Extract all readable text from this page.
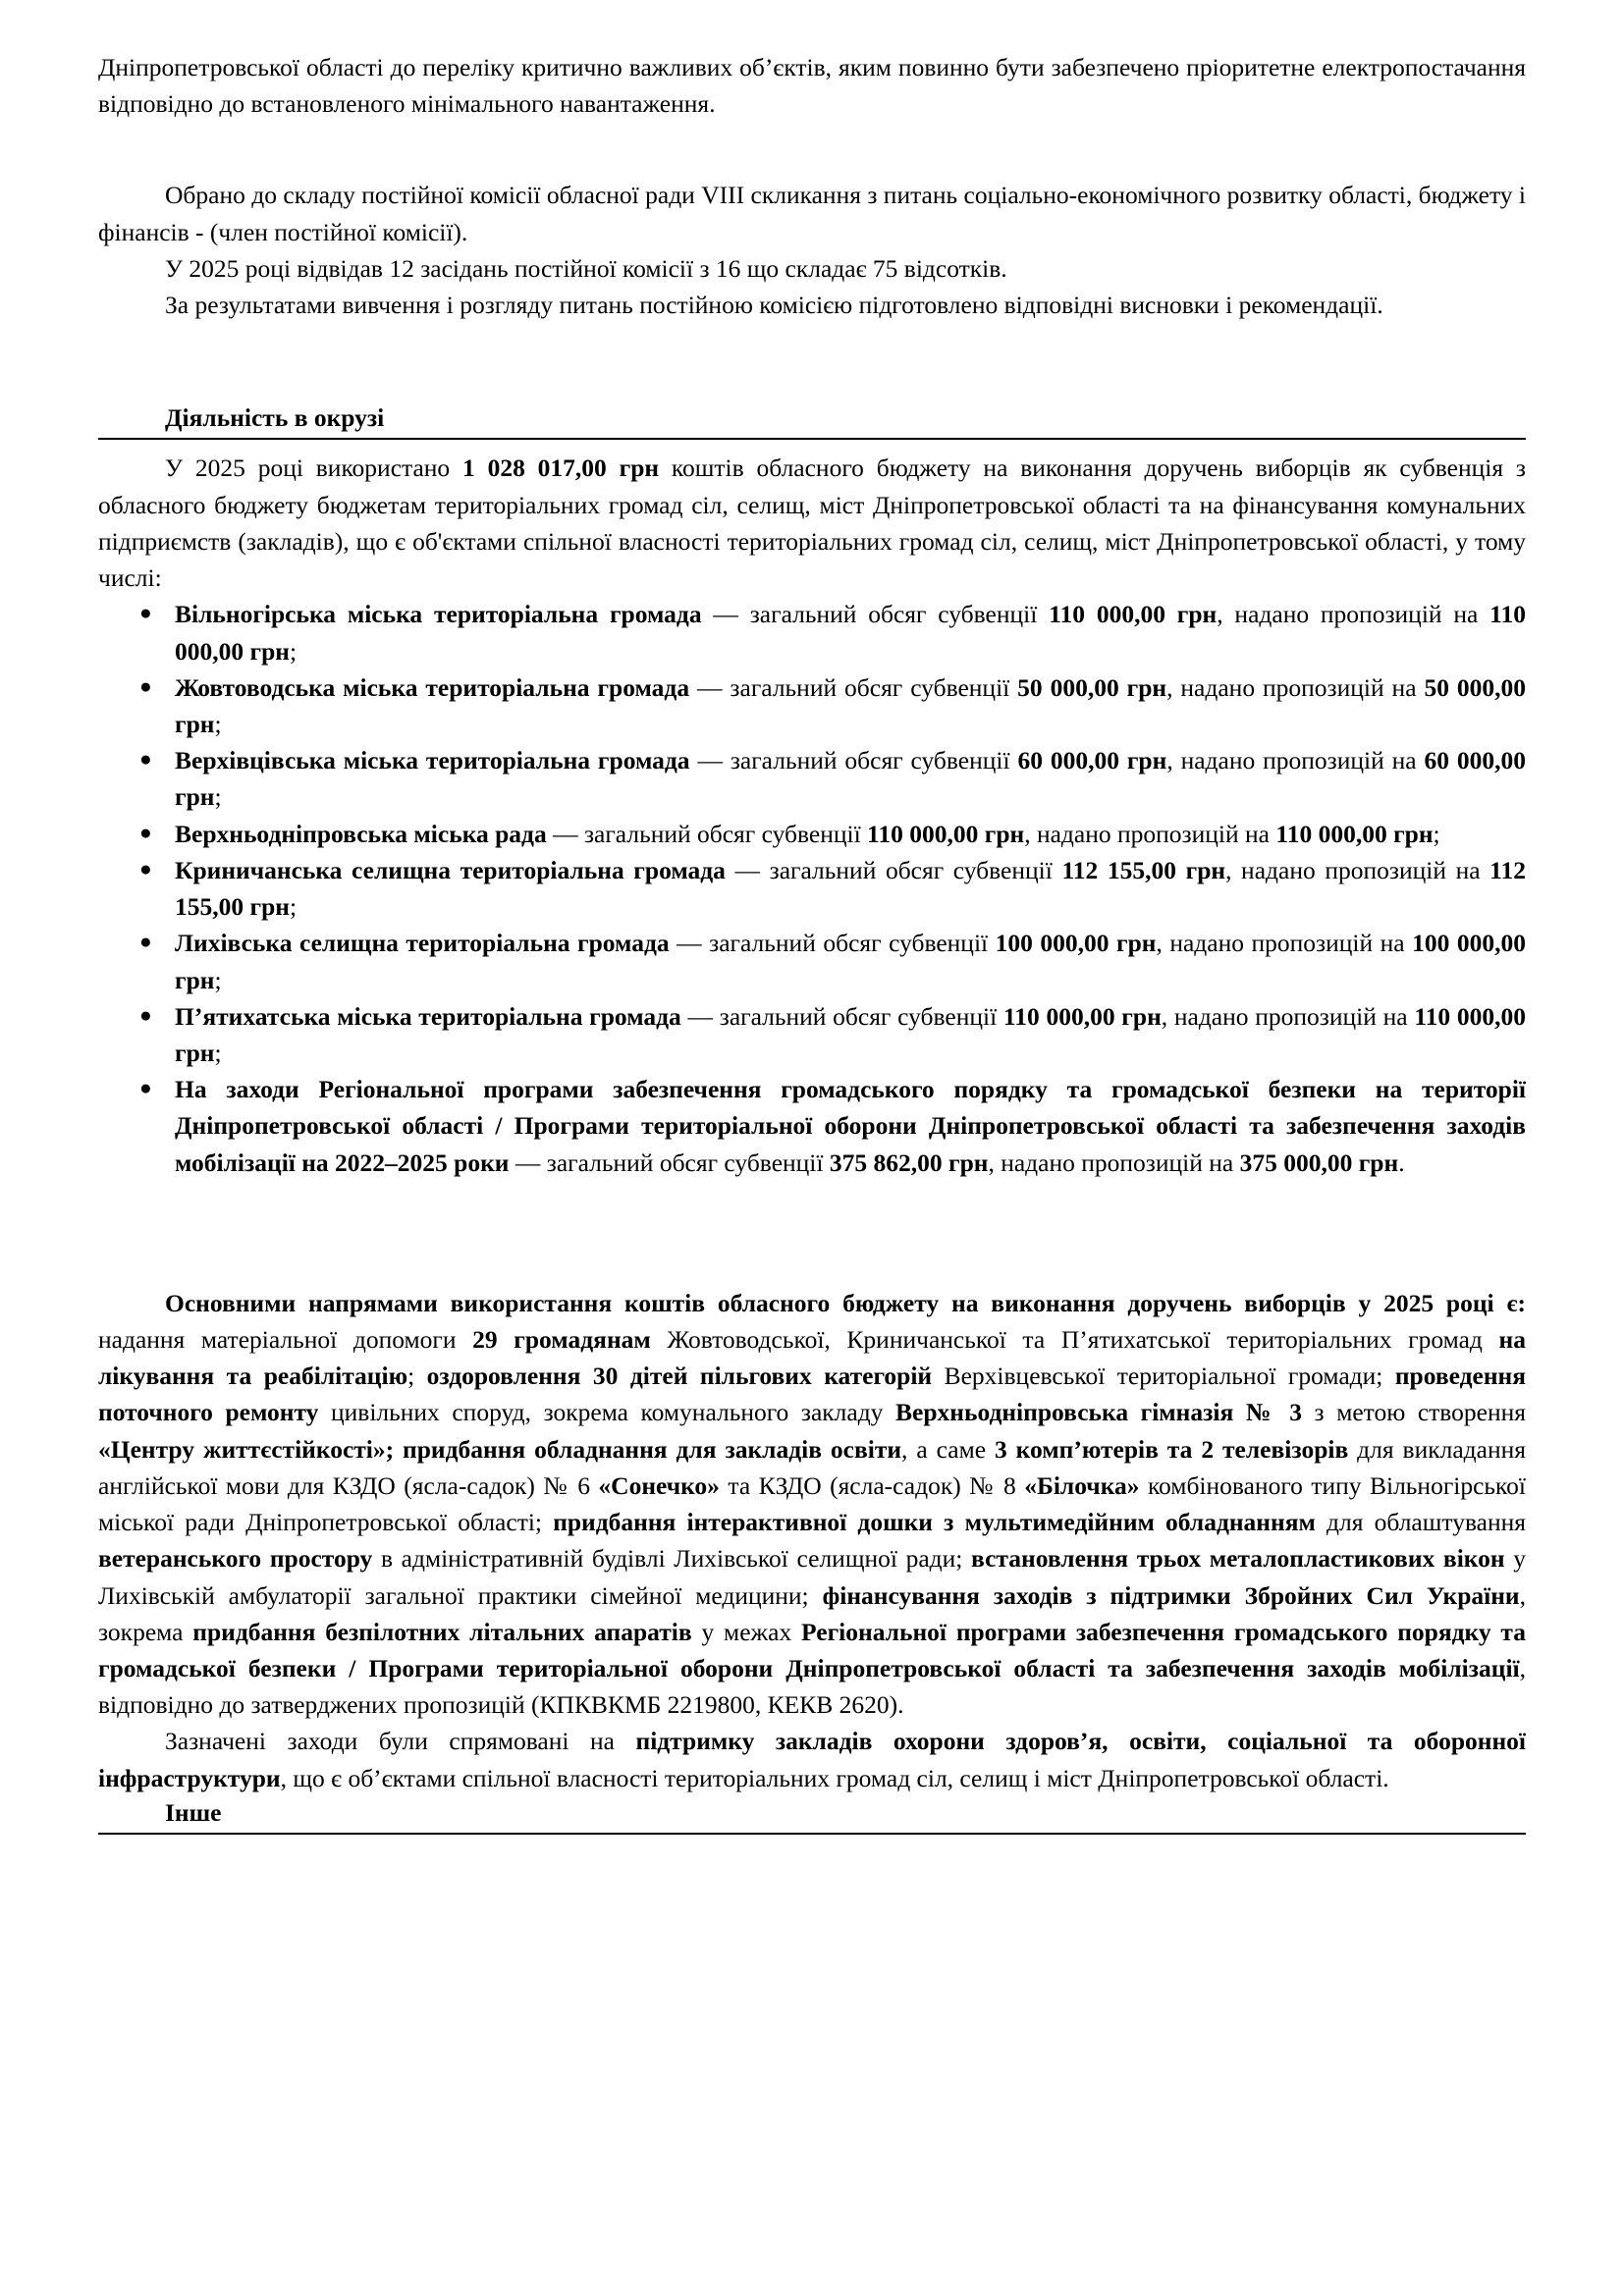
Дніпропетровської області до переліку критично важливих об’єктів, яким повинно бути забезпечено пріоритетне електропостачання відповідно до встановленого мінімального навантаження.

Обрано до складу постійної комісії обласної ради VIII скликання з питань соціально-економічного розвитку області, бюджету і фінансів - (член постійної комісії).

У 2025 році відвідав 12 засідань постійної комісії з 16 що складає 75 відсотків.

За результатами вивчення і розгляду питань постійною комісією підготовлено відповідні висновки і рекомендації.

Діяльність в окрузі

У 2025 році використано 1 028 017,00 грн коштів обласного бюджету на виконання доручень виборців як субвенція з обласного бюджету бюджетам територіальних громад сіл, селищ, міст Дніпропетровської області та на фінансування комунальних підприємств (закладів), що є об'єктами спільної власності територіальних громад сіл, селищ, міст Дніпропетровської області, у тому числі:

● Вільногірська міська територіальна громада — загальний обсяг субвенції 110 000,00 грн, надано пропозицій на 110 000,00 грн;
● Жовтоводська міська територіальна громада — загальний обсяг субвенції 50 000,00 грн, надано пропозицій на 50 000,00 грн;
● Верхівцівська міська територіальна громада — загальний обсяг субвенції 60 000,00 грн, надано пропозицій на 60 000,00 грн;
● Верхньодніпровська міська рада — загальний обсяг субвенції 110 000,00 грн, надано пропозицій на 110 000,00 грн;
● Криничанська селищна територіальна громада — загальний обсяг субвенції 112 155,00 грн, надано пропозицій на 112 155,00 грн;
● Лихівська селищна територіальна громада — загальний обсяг субвенції 100 000,00 грн, надано пропозицій на 100 000,00 грн;
● П’ятихатська міська територіальна громада — загальний обсяг субвенції 110 000,00 грн, надано пропозицій на 110 000,00 грн;
● На заходи Регіональної програми забезпечення громадського порядку та громадської безпеки на території Дніпропетровської області / Програми територіальної оборони Дніпропетровської області та забезпечення заходів мобілізації на 2022–2025 роки — загальний обсяг субвенції 375 862,00 грн, надано пропозицій на 375 000,00 грн.

Основними напрямами використання коштів обласного бюджету на виконання доручень виборців у 2025 році є: надання матеріальної допомоги 29 громадянам Жовтоводської, Криничанської та П’ятихатської територіальних громад на лікування та реабілітацію; оздоровлення 30 дітей пільгових категорій Верхівцевської територіальної громади; проведення поточного ремонту цивільних споруд, зокрема комунального закладу Верхньодніпровська гімназія № 3 з метою створення «Центру життєстійкості»; придбання обладнання для закладів освіти, а саме 3 комп’ютерів та 2 телевізорів для викладання англійської мови для КЗДО (ясла-садок) № 6 «Сонечко» та КЗДО (ясла-садок) № 8 «Білочка» комбінованого типу Вільногірської міської ради Дніпропетровської області; придбання інтерактивної дошки з мультимедійним обладнанням для облаштування ветеранського простору в адміністративній будівлі Лихівської селищної ради; встановлення трьох металопластикових вікон у Лихівській амбулаторії загальної практики сімейної медицини; фінансування заходів з підтримки Збройних Сил України, зокрема придбання безпілотних літальних апаратів у межах Регіональної програми забезпечення громадського порядку та громадської безпеки / Програми територіальної оборони Дніпропетровської області та забезпечення заходів мобілізації, відповідно до затверджених пропозицій (КПКВКМБ 2219800, КЕКВ 2620).

Зазначені заходи були спрямовані на підтримку закладів охорони здоров’я, освіти, соціальної та оборонної інфраструктури, що є об’єктами спільної власності територіальних громад сіл, селищ і міст Дніпропетровської області.

Інше
